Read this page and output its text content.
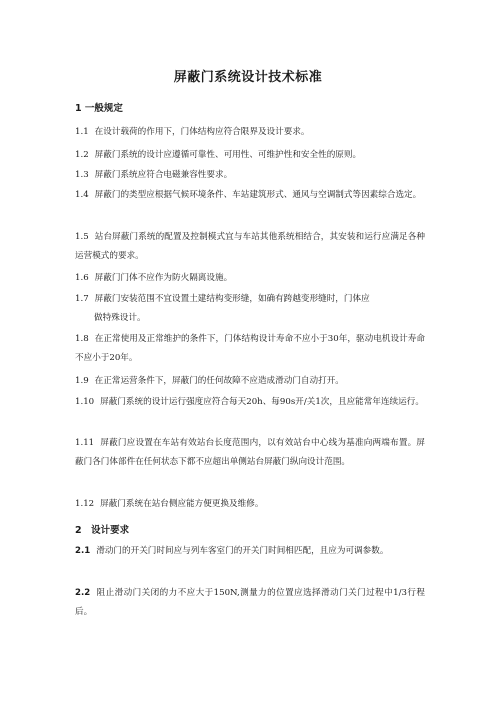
屏蔽门系统设计技术标准
1 一般规定
1.1 在设计载荷的作用下，门体结构应符合限界及设计要求。
1.2 屏蔽门系统的设计应遵循可靠性、可用性、可维护性和安全性的原则。
1.3 屏蔽门系统应符合电磁兼容性要求。
1.4 屏蔽门的类型应根据气候环境条件、车站建筑形式、通风与空调制式等因素综合选定。
1.5 站台屏蔽门系统的配置及控制模式宜与车站其他系统相结合，其安装和运行应满足各种运营模式的要求。
1.6 屏蔽门门体不应作为防火隔离设施。
1.7 屏蔽门安装范围不宜设置土建结构变形缝，如确有跨越变形缝时，门体应
做特殊设计。
1.8 在正常使用及正常维护的条件下，门体结构设计寿命不应小于30年，驱动电机设计寿命不应小于20年。
1.9 在正常运营条件下，屏蔽门的任何故障不应造成滑动门自动打开。
1.10 屏蔽门系统的设计运行强度应符合每天20h、每90s开/关1次，且应能常年连续运行。
1.11 屏蔽门应设置在车站有效站台长度范围内，以有效站台中心线为基准向两端布置。屏蔽门各门体部件在任何状态下都不应超出单侧站台屏蔽门纵向设计范围。
1.12 屏蔽门系统在站台侧应能方便更换及维修。
2　设计要求
2.1 滑动门的开关门时间应与列车客室门的开关门时间相匹配，且应为可调参数。
2.2 阻止滑动门关闭的力不应大于150N,测量力的位置应选择滑动门关门过程中1/3行程后。
